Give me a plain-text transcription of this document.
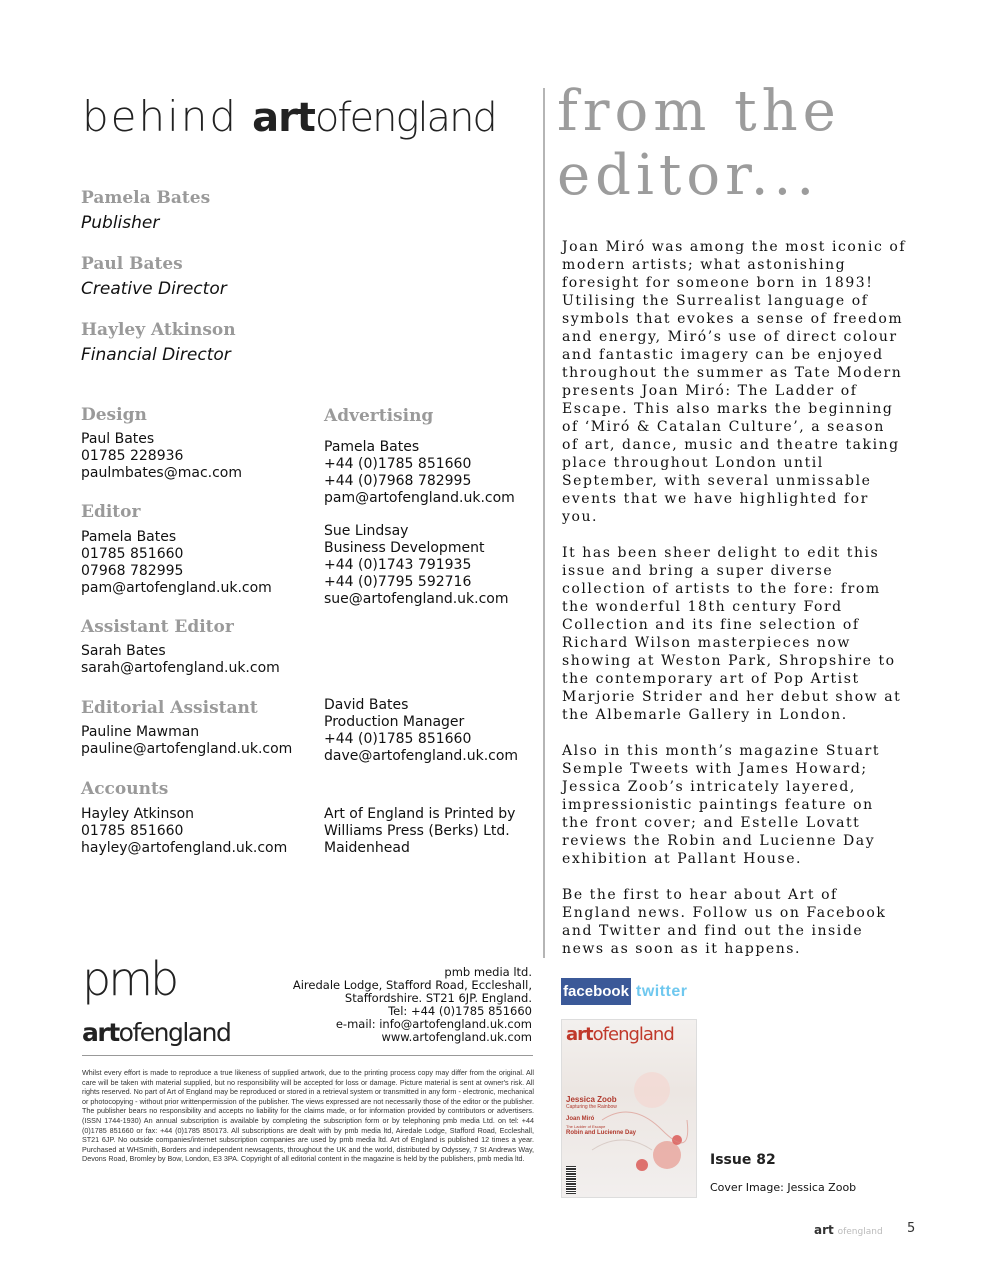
behind artofengland
Pamela Bates
Publisher
Paul Bates
Creative Director
Hayley Atkinson
Financial Director
Design
Paul Bates
01785 228936
paulmbates@mac.com
Editor
Pamela Bates
01785 851660
07968 782995
pam@artofengland.uk.com
Assistant Editor
Sarah Bates
sarah@artofengland.uk.com
Editorial Assistant
Pauline Mawman
pauline@artofengland.uk.com
Accounts
Hayley Atkinson
01785 851660
hayley@artofengland.uk.com
Advertising
Pamela Bates
+44 (0)1785 851660
+44 (0)7968 782995
pam@artofengland.uk.com
Sue Lindsay
Business Development
+44 (0)1743 791935
+44 (0)7795 592716
sue@artofengland.uk.com
David Bates
Production Manager
+44 (0)1785 851660
dave@artofengland.uk.com
Art of England is Printed by
Williams Press (Berks) Ltd.
Maidenhead
from the
editor...

Joan Miró was among the most iconic of modern artists; what astonishing foresight for someone born in 1893! Utilising the Surrealist language of symbols that evokes a sense of freedom and energy, Miró’s use of direct colour and fantastic imagery can be enjoyed throughout the summer as Tate Modern presents Joan Miró: The Ladder of Escape. This also marks the beginning of ‘Miró & Catalan Culture’, a season of art, dance, music and theatre taking place throughout London until September, with several unmissable events that we have highlighted for you.

It has been sheer delight to edit this issue and bring a super diverse collection of artists to the fore: from the wonderful 18th century Ford Collection and its fine selection of Richard Wilson masterpieces now showing at Weston Park, Shropshire to the contemporary art of Pop Artist Marjorie Strider and her debut show at the Albemarle Gallery in London.

Also in this month’s magazine Stuart Semple Tweets with James Howard; Jessica Zoob’s intricately layered, impressionistic paintings feature on the front cover; and Estelle Lovatt reviews the Robin and Lucienne Day exhibition at Pallant House.

Be the first to hear about Art of England news. Follow us on Facebook and Twitter and find out the inside news as soon as it happens.

pmb
artofengland
pmb media ltd.
Airedale Lodge, Stafford Road, Eccleshall,
Staffordshire. ST21 6JP. England.
Tel: +44 (0)1785 851660
e-mail: info@artofengland.uk.com
www.artofengland.uk.com
Whilst every effort is made to reproduce a true likeness of supplied artwork, due to the printing process copy may differ from the original. All care will be taken with material supplied, but no responsibility will be accepted for loss or damage. Picture material is sent at owner's risk. All rights reserved. No part of Art of England may be reproduced or stored in a retrieval system or transmitted in any form - electronic, mechanical or photocopying - without prior writtenpermission of the publisher. The views expressed are not necessarily those of the editor or the publisher. The publisher bears no responsibility and accepts no liability for the claims made, or for information provided by contributors or advertisers. (ISSN 1744-1930) An annual subscription is available by completing the subscription form or by telephoning pmb media Ltd. on tel: +44 (0)1785 851660 or fax: +44 (0)1785 850173. All subscriptions are dealt with by pmb media ltd, Airedale Lodge, Stafford Road, Eccleshall, ST21 6JP. No outside companies/internet subscription companies are used by pmb media ltd. Art of England is published 12 times a year. Purchased at WHSmith, Borders and independent newsagents, throughout the UK and the world, distributed by Odyssey, 7 St Andrews Way, Devons Road, Bromley by Bow, London, E3 3PA. Copyright of all editorial content in the magazine is held by the publishers, pmb media ltd.
facebook twitter
artofengland
Jessica Zoob
Capturing the Rainbow
Joan Miró
The Ladder of Escape
Robin and Lucienne Day
Issue 82
Cover Image: Jessica Zoob
art ofengland 5
